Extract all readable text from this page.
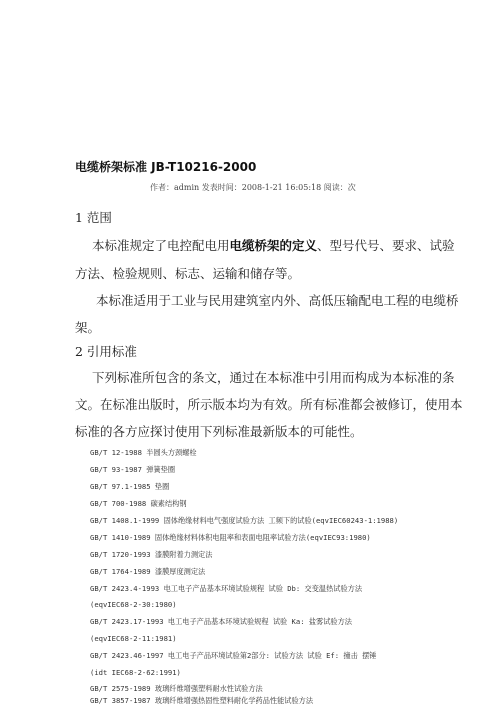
电缆桥架标准 JB-T10216-2000
作者：admin 发表时间：2008-1-21 16:05:18 阅读：次
1 范围
本标准规定了电控配电用电缆桥架的定义、型号代号、要求、试验
方法、检验规则、标志、运输和储存等。
本标准适用于工业与民用建筑室内外、高低压输配电工程的电缆桥
架。
2 引用标准
下列标准所包含的条文，通过在本标准中引用而构成为本标准的条
文。在标准出版时，所示版本均为有效。所有标准都会被修订，使用本
标准的各方应探讨使用下列标准最新版本的可能性。
GB/T 12-1988 半圆头方颈螺栓
GB/T 93-1987 弹簧垫圈
GB/T 97.1-1985 垫圈
GB/T 700-1988 碳素结构钢
GB/T 1408.1-1999 固体绝缘材料电气强度试验方法 工频下的试验(eqvIEC60243-1:1988)
GB/T 1410-1989 固体绝缘材料体积电阻率和表面电阻率试验方法(eqvIEC93:1980)
GB/T 1720-1993 漆膜附着力测定法
GB/T 1764-1989 漆膜厚度测定法
GB/T 2423.4-1993 电工电子产品基本环境试验规程 试验 Db: 交变温热试验方法
(eqvIEC68-2-30:1980)
GB/T 2423.17-1993 电工电子产品基本环境试验规程 试验 Ka: 盐雾试验方法
(eqvIEC68-2-11:1981)
GB/T 2423.46-1997 电工电子产品环境试验第2部分: 试验方法 试验 Ef: 撞击 摆锤
(idt IEC68-2-62:1991)
GB/T 2575-1989 玻璃纤维增强塑料耐水性试验方法
GB/T 3857-1987 玻璃纤维增强热固性塑料耐化学药品性能试验方法
